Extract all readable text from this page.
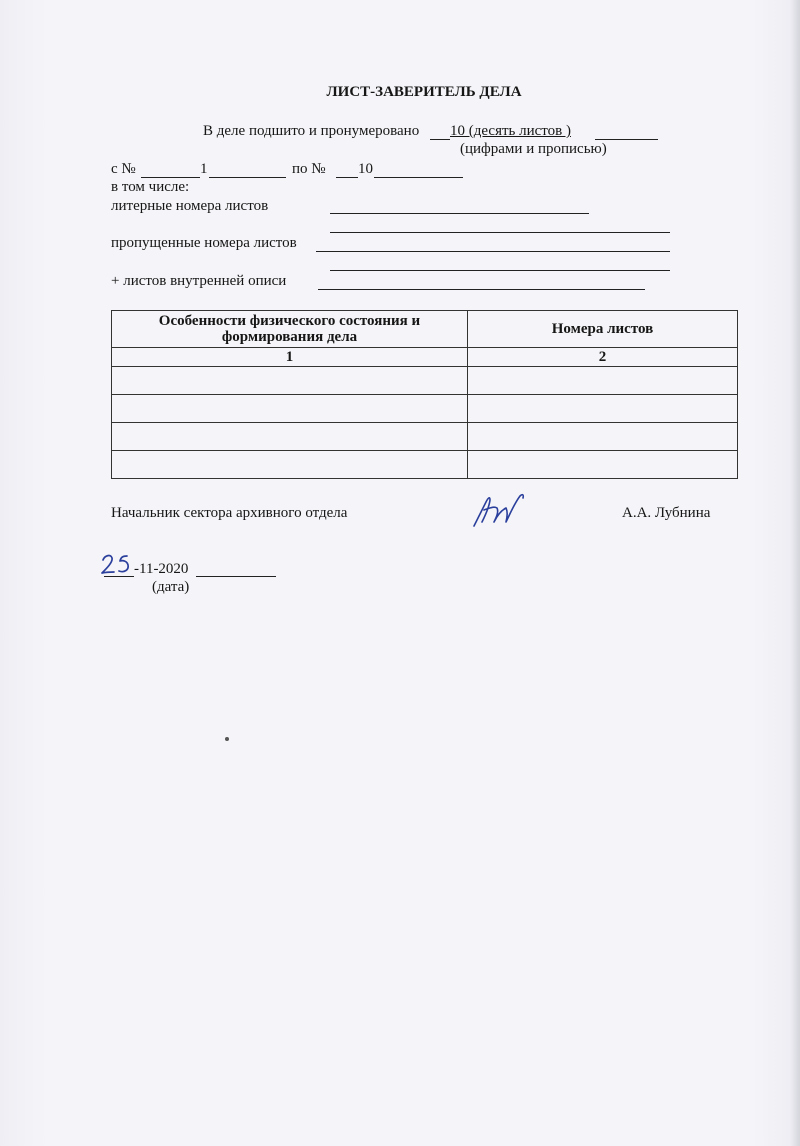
ЛИСТ-ЗАВЕРИТЕЛЬ ДЕЛА
В деле подшито и пронумеровано 10 (десять листов )
(цифрами и прописью)
с №	1	по № 10
в том числе:
литерные номера листов
пропущенные номера листов
+ листов внутренней описи
Особенности физического состояния и формирования дела	Номера листов
1	2

Начальник сектора архивного отдела	А.А. Лубнина
-11-2020
(дата)
